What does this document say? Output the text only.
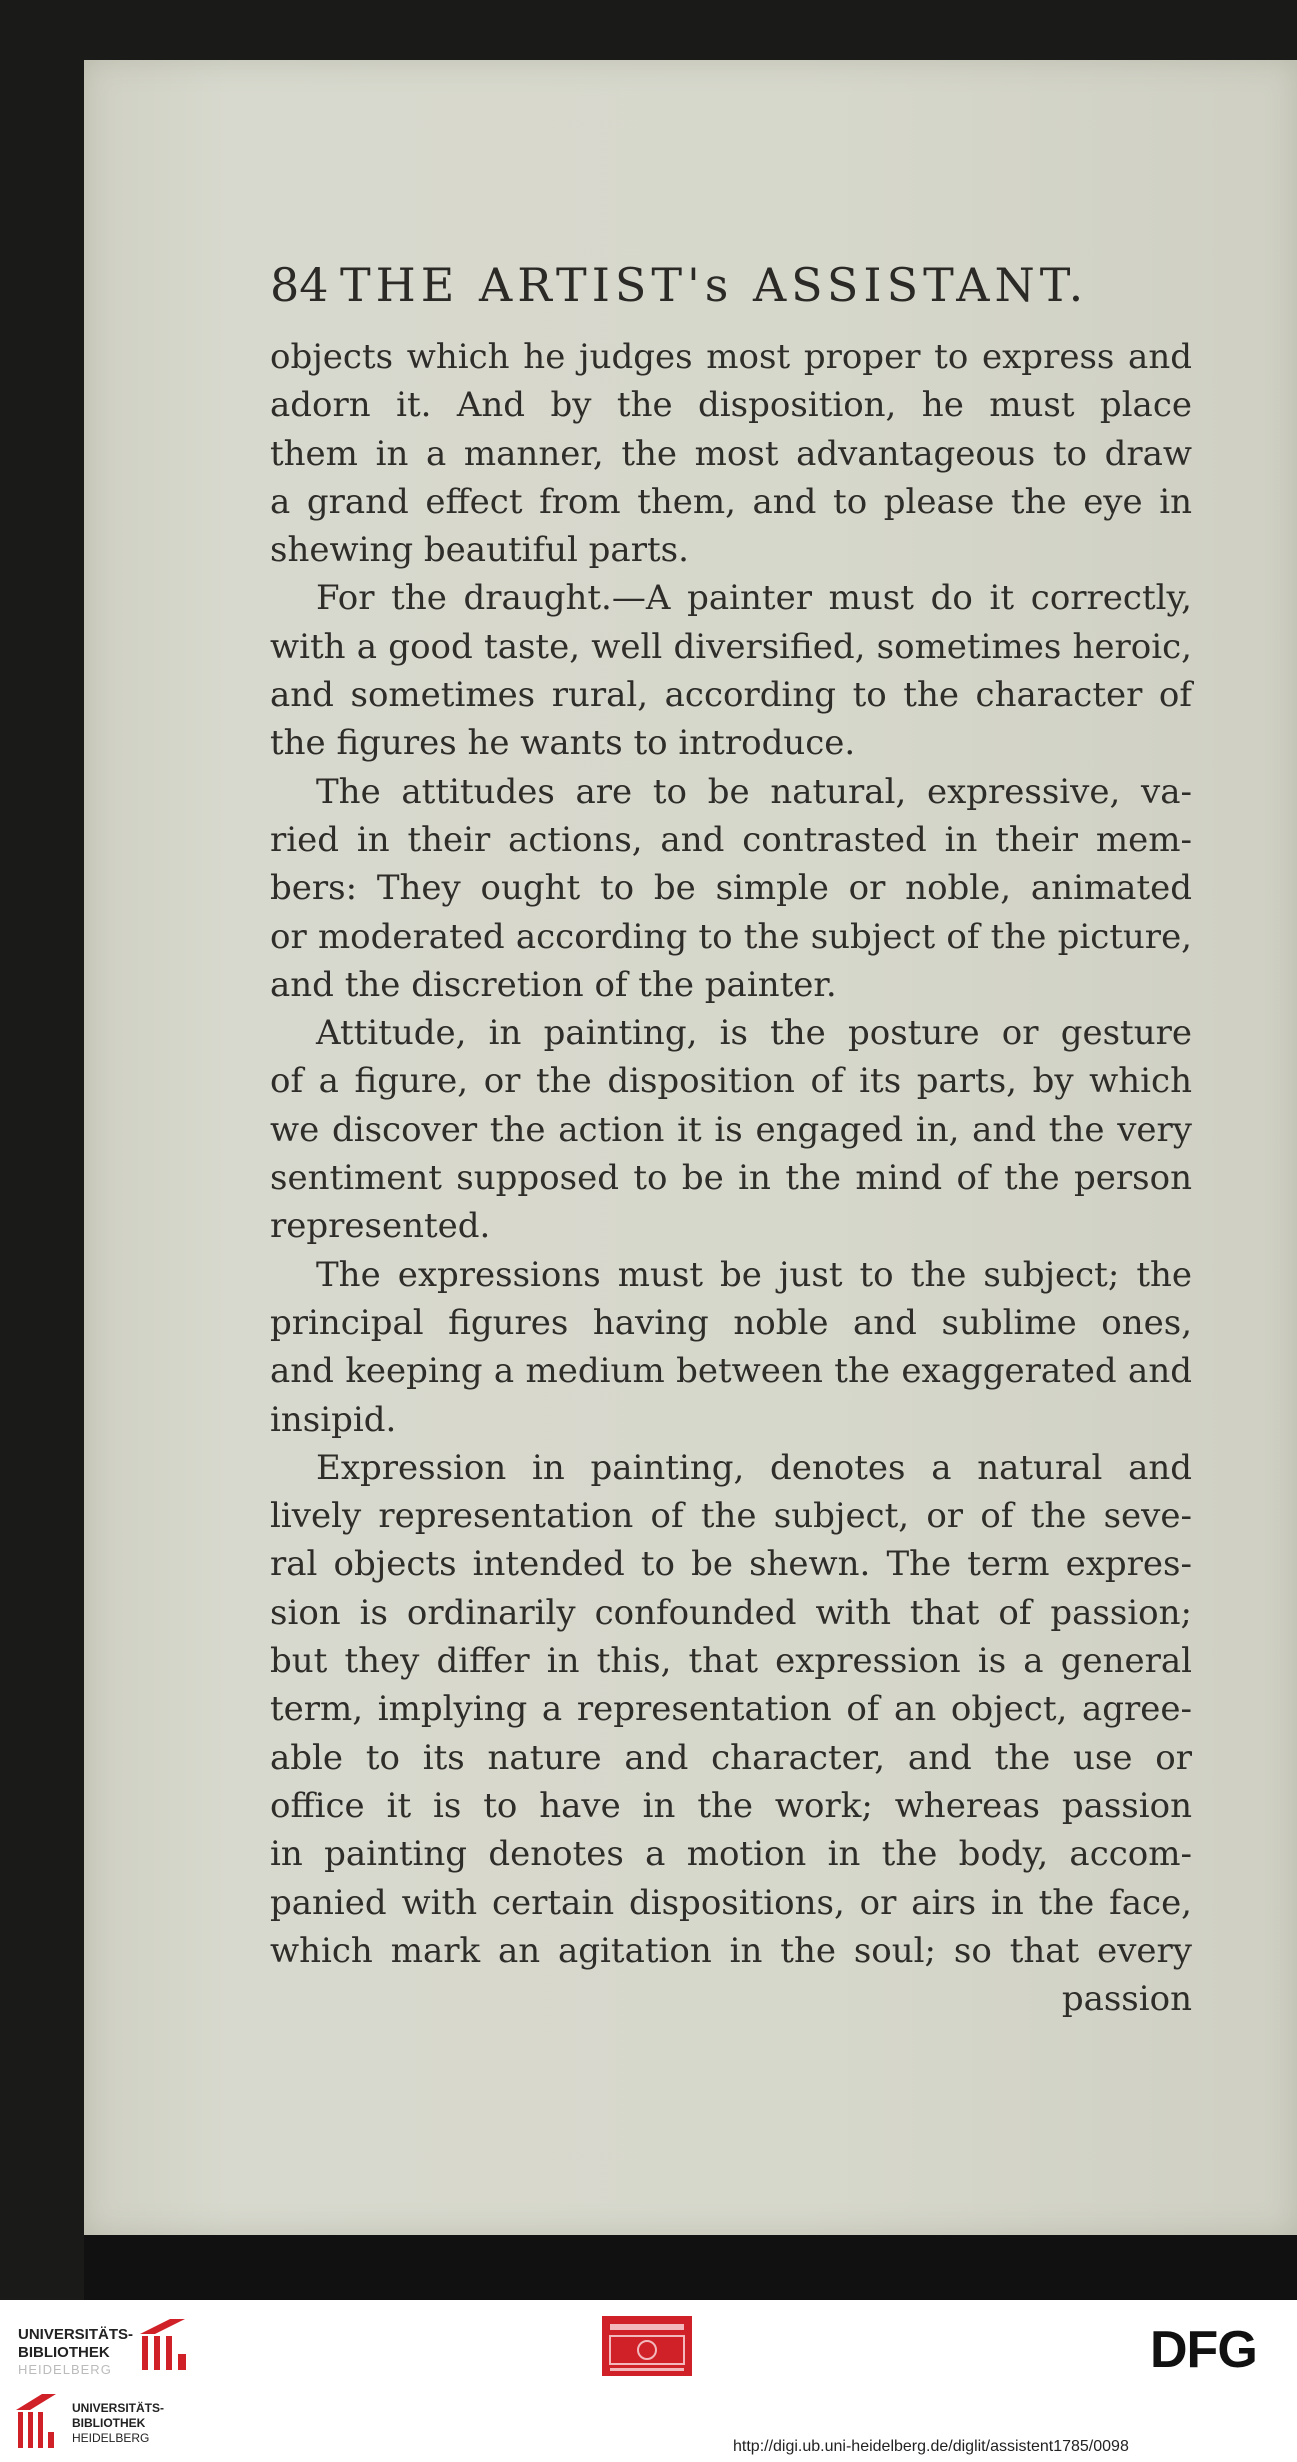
84 THE ARTIST's ASSISTANT.
objects which he judges most proper to express and
adorn it. And by the disposition, he must place
them in a manner, the most advantageous to draw
a grand effect from them, and to please the eye in
shewing beautiful parts.
For the draught.—A painter must do it correctly,
with a good taste, well diversified, sometimes heroic,
and sometimes rural, according to the character of
the figures he wants to introduce.
The attitudes are to be natural, expressive, va-
ried in their actions, and contrasted in their mem-
bers: They ought to be simple or noble, animated
or moderated according to the subject of the picture,
and the discretion of the painter.
Attitude, in painting, is the posture or gesture
of a figure, or the disposition of its parts, by which
we discover the action it is engaged in, and the very
sentiment supposed to be in the mind of the person
represented.
The expressions must be just to the subject; the
principal figures having noble and sublime ones,
and keeping a medium between the exaggerated and
insipid.
Expression in painting, denotes a natural and
lively representation of the subject, or of the seve-
ral objects intended to be shewn. The term expres-
sion is ordinarily confounded with that of passion;
but they differ in this, that expression is a general
term, implying a representation of an object, agree-
able to its nature and character, and the use or
office it is to have in the work; whereas passion
in painting denotes a motion in the body, accom-
panied with certain dispositions, or airs in the face,
which mark an agitation in the soul; so that every
passion
UNIVERSITÄTS-
BIBLIOTHEK
HEIDELBERG	DFG
UNIVERSITÄTS-
BIBLIOTHEK
HEIDELBERG	http://digi.ub.uni-heidelberg.de/diglit/assistent1785/0098
